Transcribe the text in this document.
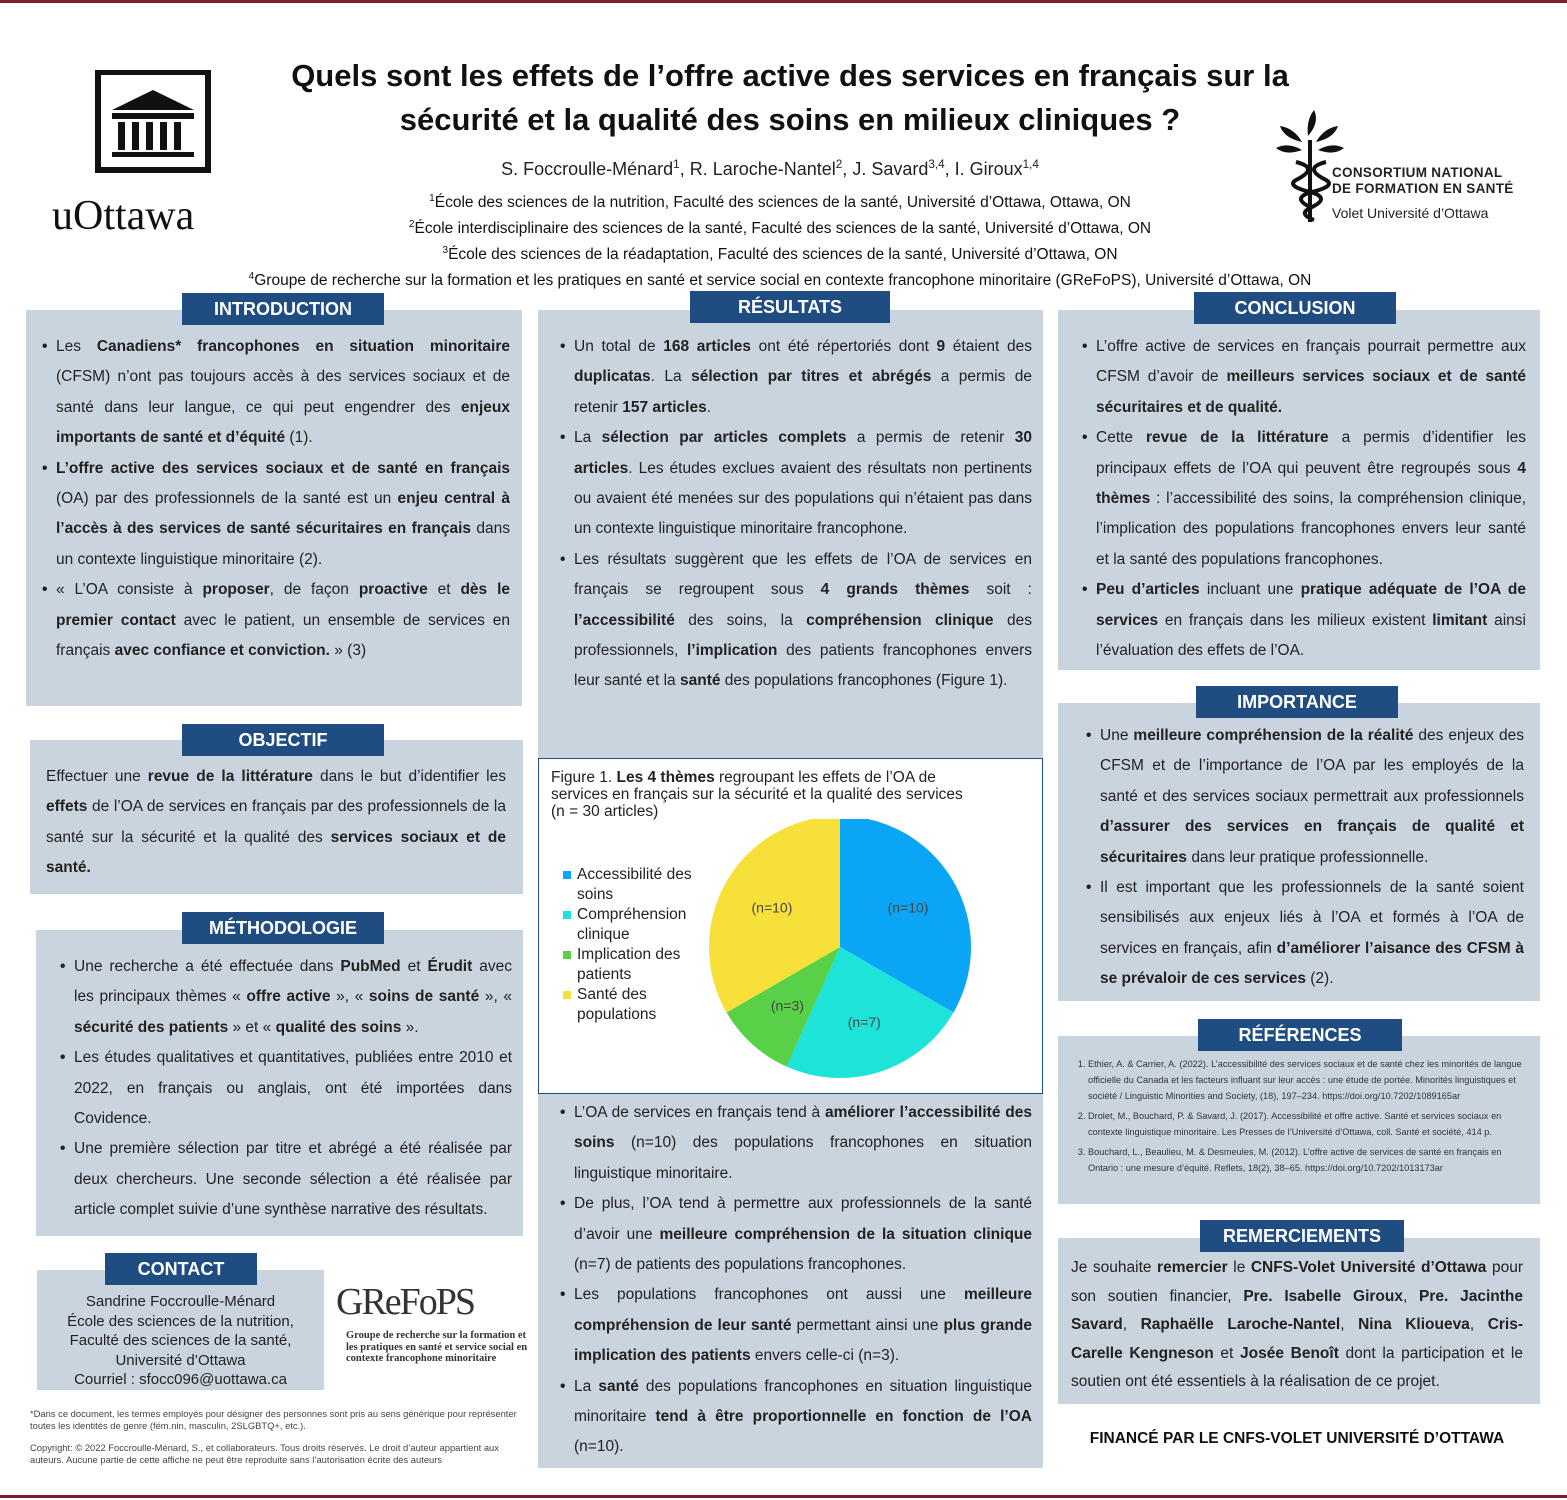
uOttawa
Quels sont les effets de l’offre active des services en français sur la
sécurité et la qualité des soins en milieux cliniques ?
S. Foccroulle-Ménard$^1$, R. Laroche-Nantel$^2$, J. Savard$^{3,4}$, I. Giroux$^{1,4}$
$^1$École des sciences de la nutrition, Faculté des sciences de la santé, Université d’Ottawa, Ottawa, ON
$^2$École interdisciplinaire des sciences de la santé, Faculté des sciences de la santé, Université d’Ottawa, ON
$^3$École des sciences de la réadaptation, Faculté des sciences de la santé, Université d’Ottawa, ON
$^4$Groupe de recherche sur la formation et les pratiques en santé et service social en contexte francophone minoritaire (GReFoPS), Université d’Ottawa, ON
CONSORTIUM NATIONAL
DE FORMATION EN SANTÉ
Volet Université d’Ottawa
• Les Canadiens* francophones en situation minoritaire (CFSM) n’ont pas toujours accès à des services sociaux et de santé dans leur langue, ce qui peut engendrer des enjeux importants de santé et d’équité (1).
• L’offre active des services sociaux et de santé en français (OA) par des professionnels de la santé est un enjeu central à l’accès à des services de santé sécuritaires en français dans un contexte linguistique minoritaire (2).
• « L’OA consiste à proposer, de façon proactive et dès le premier contact avec le patient, un ensemble de services en français avec confiance et conviction. » (3)
INTRODUCTION
Effectuer une revue de la littérature dans le but d’identifier les effets de l’OA de services en français par des professionnels de la santé sur la sécurité et la qualité des services sociaux et de santé.
OBJECTIF
• Une recherche a été effectuée dans PubMed et Érudit avec les principaux thèmes « offre active », « soins de santé », « sécurité des patients » et « qualité des soins ».
• Les études qualitatives et quantitatives, publiées entre 2010 et 2022, en français ou anglais, ont été importées dans Covidence.
• Une première sélection par titre et abrégé a été réalisée par deux chercheurs. Une seconde sélection a été réalisée par article complet suivie d’une synthèse narrative des résultats.
MÉTHODOLOGIE
Sandrine Foccroulle-Ménard
École des sciences de la nutrition,
Faculté des sciences de la santé,
Université d’Ottawa
Courriel : sfocc096@uottawa.ca
CONTACT
GReFoPS
Groupe de recherche sur la formation et les pratiques en santé et service social en contexte francophone minoritaire
*Dans ce document, les termes employés pour désigner des personnes sont pris au sens générique pour représenter toutes les identités de genre (fém.nin, masculin, 2SLGBTQ+, etc.).
Copyright: © 2022 Foccroulle-Ménard, S., et collaborateurs. Tous droits réservés. Le droit d’auteur appartient aux auteurs. Aucune partie de cette affiche ne peut être reproduite sans l’autorisation écrite des auteurs
• Un total de 168 articles ont été répertoriés dont 9 étaient des duplicatas. La sélection par titres et abrégés a permis de retenir 157 articles.
• La sélection par articles complets a permis de retenir 30 articles. Les études exclues avaient des résultats non pertinents ou avaient été menées sur des populations qui n’étaient pas dans un contexte linguistique minoritaire francophone.
• Les résultats suggèrent que les effets de l’OA de services en français se regroupent sous 4 grands thèmes soit : l’accessibilité des soins, la compréhension clinique des professionnels, l’implication des patients francophones envers leur santé et la santé des populations francophones (Figure 1).
• L’OA de services en français tend à améliorer l’accessibilité des soins (n=10) des populations francophones en situation linguistique minoritaire.
• De plus, l’OA tend à permettre aux professionnels de la santé d’avoir une meilleure compréhension de la situation clinique (n=7) de patients des populations francophones.
• Les populations francophones ont aussi une meilleure compréhension de leur santé permettant ainsi une plus grande implication des patients envers celle-ci (n=3).
• La santé des populations francophones en situation linguistique minoritaire tend à être proportionnelle en fonction de l’OA (n=10).
RÉSULTATS
Figure 1. Les 4 thèmes regroupant les effets de l’OA de services en français sur la sécurité et la qualité des services (n = 30 articles)
Accessibilité des soins
Compréhension clinique
Implication des patients
Santé des populations
(n=10)
(n=7)
(n=3)
(n=10)
• L’offre active de services en français pourrait permettre aux CFSM d’avoir de meilleurs services sociaux et de santé sécuritaires et de qualité.
• Cette revue de la littérature a permis d’identifier les principaux effets de l’OA qui peuvent être regroupés sous 4 thèmes : l’accessibilité des soins, la compréhension clinique, l’implication des populations francophones envers leur santé et la santé des populations francophones.
• Peu d’articles incluant une pratique adéquate de l’OA de services en français dans les milieux existent limitant ainsi l’évaluation des effets de l’OA.
CONCLUSION
• Une meilleure compréhension de la réalité des enjeux des CFSM et de l’importance de l’OA par les employés de la santé et des services sociaux permettrait aux professionnels d’assurer des services en français de qualité et sécuritaires dans leur pratique professionnelle.
• Il est important que les professionnels de la santé soient sensibilisés aux enjeux liés à l’OA et formés à l’OA de services en français, afin d’améliorer l’aisance des CFSM à se prévaloir de ces services (2).
IMPORTANCE
1. Ethier, A. & Carrier, A. (2022). L’accessibilité des services sociaux et de santé chez les minorités de langue officielle du Canada et les facteurs influant sur leur accès : une étude de portée. Minorités linguistiques et société / Linguistic Minorities and Society, (18), 197–234. https://doi.org/10.7202/1089165ar
2. Drolet, M., Bouchard, P. & Savard, J. (2017). Accessibilité et offre active. Santé et services sociaux en contexte linguistique minoritaire. Les Presses de l’Université d’Ottawa, coll. Santé et société, 414 p.
3. Bouchard, L., Beaulieu, M. & Desmeules, M. (2012). L’offre active de services de santé en français en Ontario : une mesure d’équité. Reflets, 18(2), 38–65. https://doi.org/10.7202/1013173ar
RÉFÉRENCES
Je souhaite remercier le CNFS-Volet Université d’Ottawa pour son soutien financier, Pre. Isabelle Giroux, Pre. Jacinthe Savard, Raphaëlle Laroche-Nantel, Nina Klioueva, Cris-Carelle Kengneson et Josée Benoît dont la participation et le soutien ont été essentiels à la réalisation de ce projet.
REMERCIEMENTS
FINANCÉ PAR LE CNFS-VOLET UNIVERSITÉ D’OTTAWA
